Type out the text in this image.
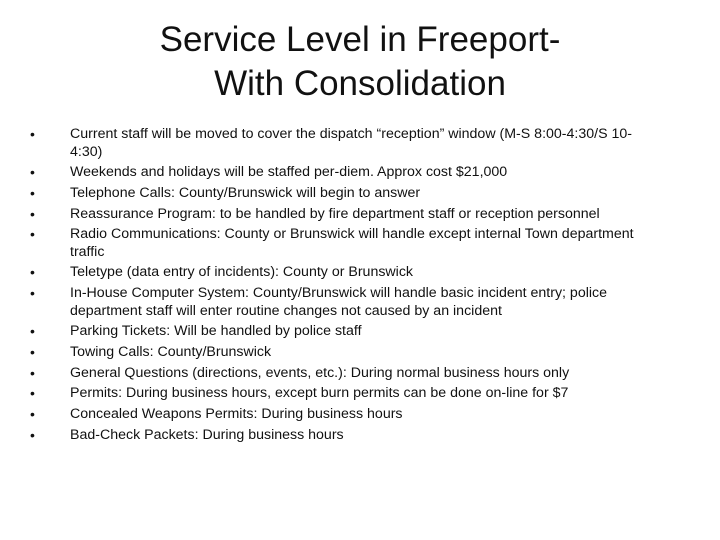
Service Level in Freeport-
With Consolidation
• Current staff will be moved to cover the dispatch “reception” window (M-S 8:00-4:30/S 10-4:30)
• Weekends and holidays will be staffed per-diem. Approx cost $21,000
• Telephone Calls: County/Brunswick will begin to answer
• Reassurance Program: to be handled by fire department staff or reception personnel
• Radio Communications: County or Brunswick will handle except internal Town department traffic
• Teletype (data entry of incidents): County or Brunswick
• In-House Computer System: County/Brunswick will handle basic incident entry; police department staff will enter routine changes not caused by an incident
• Parking Tickets: Will be handled by police staff
• Towing Calls: County/Brunswick
• General Questions (directions, events, etc.): During normal business hours only
• Permits: During business hours, except burn permits can be done on-line for $7
• Concealed Weapons Permits: During business hours
• Bad-Check Packets: During business hours
